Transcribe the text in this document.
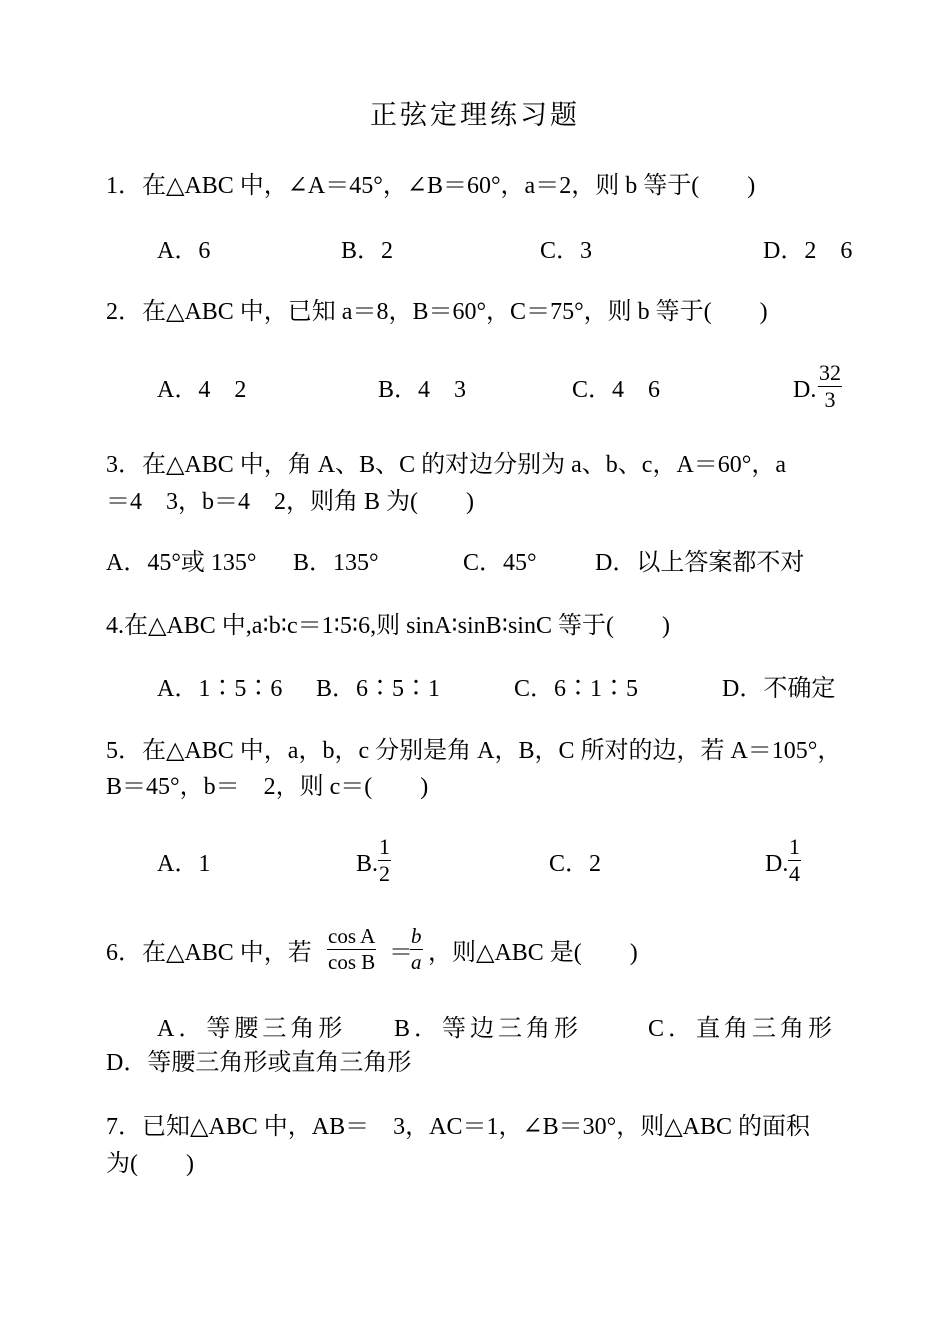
正弦定理练习题
1．在△ABC 中，∠A＝45°，∠B＝60°，a＝2，则 b 等于(　　)
A．6	B．2	C．3	D．2　6
2．在△ABC 中，已知 a＝8，B＝60°，C＝75°，则 b 等于(　　)
A．4　2	B．4　3	C．4　6	D. $\frac{32}{3}$
3．在△ABC 中，角 A、B、C 的对边分别为 a、b、c，A＝60°，a
＝4　3，b＝4　2，则角 B 为(　　)
A．45°或 135° B．135°	C．45° D．以上答案都不对
4.在△ABC 中,a∶b∶c＝1∶5∶6,则 sinA∶sinB∶sinC 等于(　　)
A．1∶5∶6 B．6∶5∶1	C．6∶1∶5	D．不确定
5．在△ABC 中，a，b，c 分别是角 A，B，C 所对的边，若 A＝105°，
B＝45°，b＝　2，则 c＝(　　)
A．1	B. $\frac{1}{2}$	C．2	D. $\frac{1}{4}$
6．在△ABC 中，若 $\frac{\text{cos A}}{\text{cos B}}$ ＝
$\frac{b}{a}$ ，则△ABC 是(　　)
A．等腰三角形 B．等边三角形	C．直角三角形
D．等腰三角形或直角三角形
7．已知△ABC 中，AB＝　3，AC＝1，∠B＝30°，则△ABC 的面积
为(　　)
